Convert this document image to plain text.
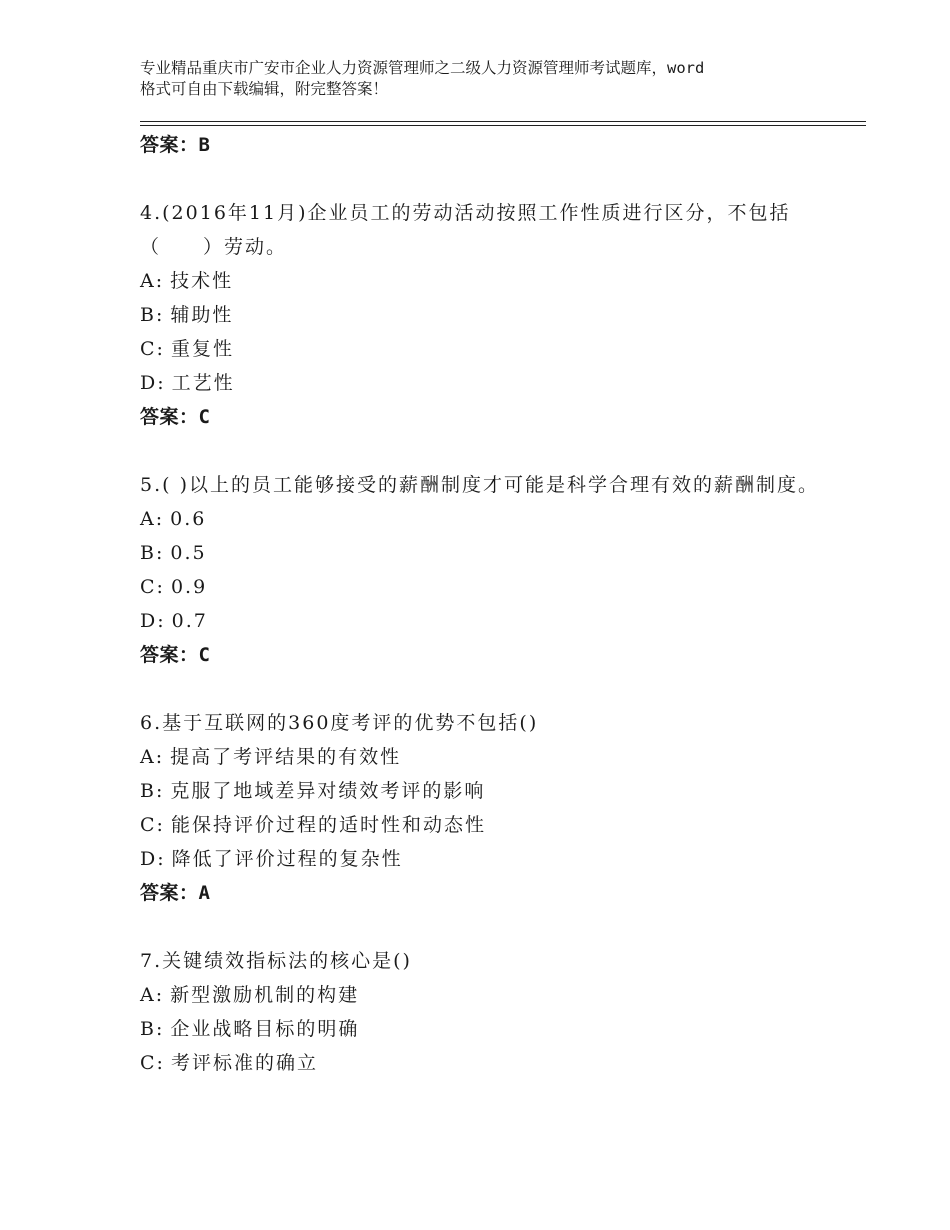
专业精品重庆市广安市企业人力资源管理师之二级人力资源管理师考试题库，word
格式可自由下载编辑，附完整答案！
答案：B
4.(2016年11月)企业员工的劳动活动按照工作性质进行区分，不包括（　　）劳动。
A: 技术性
B: 辅助性
C: 重复性
D: 工艺性
答案：C
5.( )以上的员工能够接受的薪酬制度才可能是科学合理有效的薪酬制度。
A: 0.6
B: 0.5
C: 0.9
D: 0.7
答案：C
6.基于互联网的360度考评的优势不包括()
A: 提高了考评结果的有效性
B: 克服了地域差异对绩效考评的影响
C: 能保持评价过程的适时性和动态性
D: 降低了评价过程的复杂性
答案：A
7.关键绩效指标法的核心是()
A: 新型激励机制的构建
B: 企业战略目标的明确
C: 考评标准的确立
